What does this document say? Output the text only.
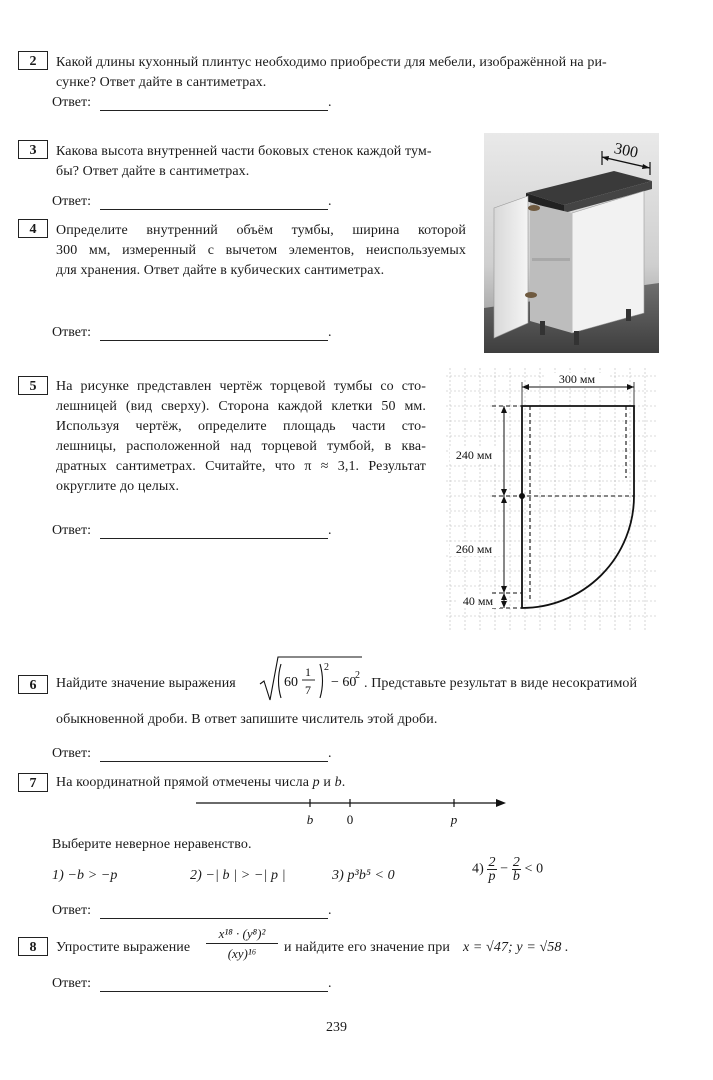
2	Какой длины кухонный плинтус необходимо приобрести для мебели, изображённой на ри-
сунке? Ответ дайте в сантиметрах.
Ответ:	.
3	Какова высота внутренней части боковых стенок каждой тум-
бы? Ответ дайте в сантиметрах.
Ответ:	.
4	Определите внутренний объём тумбы, ширина которой
300 мм, измеренный с вычетом элементов, неиспользуемых
для хранения. Ответ дайте в кубических сантиметрах.
Ответ:	.
300
5	На рисунке представлен чертёж торцевой тумбы со сто-
лешницей (вид сверху). Сторона каждой клетки 50 мм.
Используя чертёж, определите площадь части сто-
лешницы, расположенной над торцевой тумбой, в ква-
дратных сантиметрах. Считайте, что π ≈ 3,1. Результат
округлите до целых.
Ответ:	.
300 мм
240 мм
260 мм
40 мм
6	Найдите значение выражения	60
1
7
2
− 60
2
. Представьте результат в виде несократимой
обыкновенной дроби. В ответ запишите числитель этой дроби.
Ответ:	.
7	На координатной прямой отмечены числа p и b.
b	0	p
Выберите неверное неравенство.
1) −b > −p	2) −| b | > −| p |	3) p³b⁵ < 0	$4) \frac{2}{p} - \frac{2}{b} < 0$
Ответ:	.
8	Упростите выражение $\frac{\text{x¹⁸ · (y⁸)²}}{\text{(xy)¹⁶}}$ и найдите его значение при x = √47; y = √58 .
Ответ:	.
239
